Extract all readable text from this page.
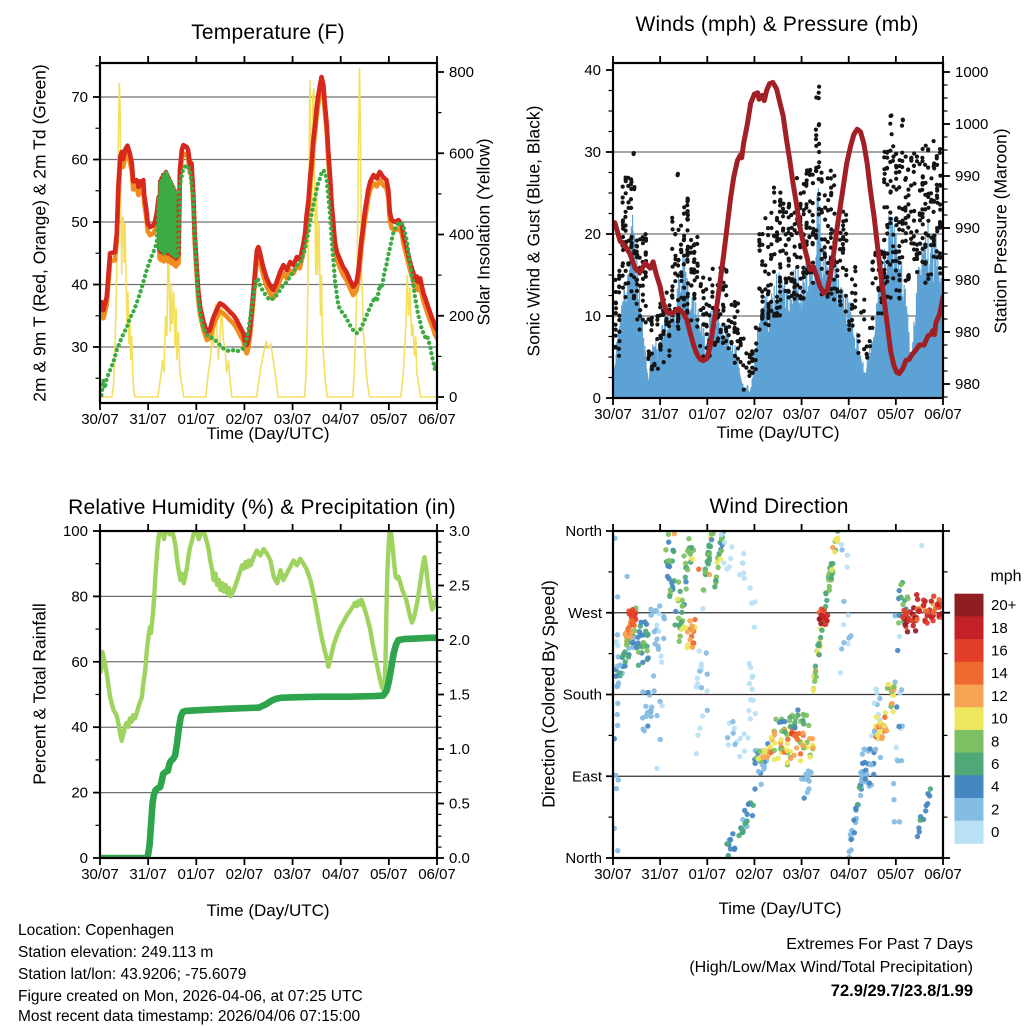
30
40
50
60
70
0
200
400
600
800
30/07 31/07 01/07 02/07 03/07 04/07 05/07 06/07
0
10
20
30
40	1000
1000
990
990
980
980
980
30/07 31/07 01/07 02/07 03/07 04/07 05/07 06/07
0
20
40
60
80
100
0.0
0.5
1.0
1.5
2.0
2.5
3.0
30/07 31/07 01/07 02/07 03/07 04/07 05/07 06/07
North
West
South
East
North
30/07 31/07 01/07 02/07 03/07 04/07 05/07 06/07
20+
18
16
14
12
10
8
6
4
2
0
Temperature (F)	Winds (mph) & Pressure (mb)
Relative Humidity (%) & Precipitation (in)	Wind Direction
2m & 9m T (Red, Orange) & 2m Td (Green)	Solar Insolation (Yellow) Sonic Wind & Gust (Blue, Black)	Station Pressure (Maroon)
Percent & Total Rainfall	Direction (Colored By Speed)
Time (Day/UTC)	Time (Day/UTC)
Time (Day/UTC)	Time (Day/UTC)
mph
Location: Copenhagen
Station elevation: 249.113 m
Station lat/lon: 43.9206; -75.6079
Figure created on Mon, 2026-04-06, at 07:25 UTC
Most recent data timestamp: 2026/04/06 07:15:00
Extremes For Past 7 Days
(High/Low/Max Wind/Total Precipitation)
72.9/29.7/23.8/1.99
